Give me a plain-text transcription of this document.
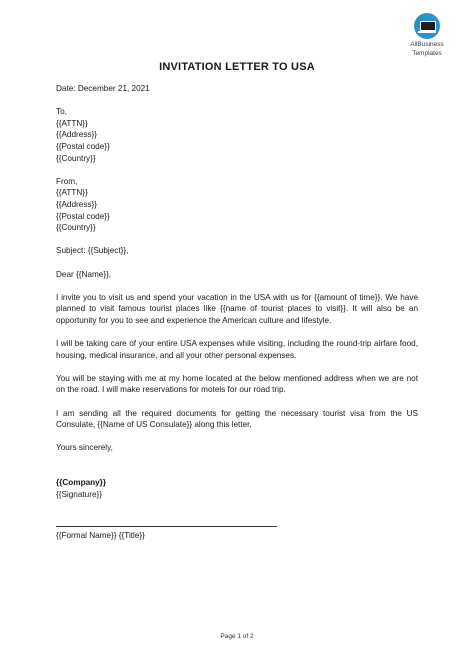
AllBusiness
Templates
INVITATION LETTER TO USA

Date: December 21, 2021

To,

{{ATTN}}

{{Address}}

{{Postal code}}

{{Country}}

From,

{{ATTN}}

{{Address}}

{{Postal code}}

{{Country}}

Subject: {{Subject}},

Dear {{Name}},

I invite you to visit us and spend your vacation in the USA with us for {{amount of time}}. We have planned to visit famous tourist places like {{name of tourist places to visit}}. It will also be an opportunity for you to see and experience the American culture and lifestyle.

I will be taking care of your entire USA expenses while visiting, including the round-trip airfare food, housing, medical insurance, and all your other personal expenses.

You will be staying with me at my home located at the below mentioned address when we are not on the road. I will make reservations for motels for our road trip.

I am sending all the required documents for getting the necessary tourist visa from the US Consulate, {{Name of US Consulate}} along this letter,

Yours sincerely,

{{Company}}

{{Signature}}

{{Formal Name}} {{Title}}

Page 1 of 2
